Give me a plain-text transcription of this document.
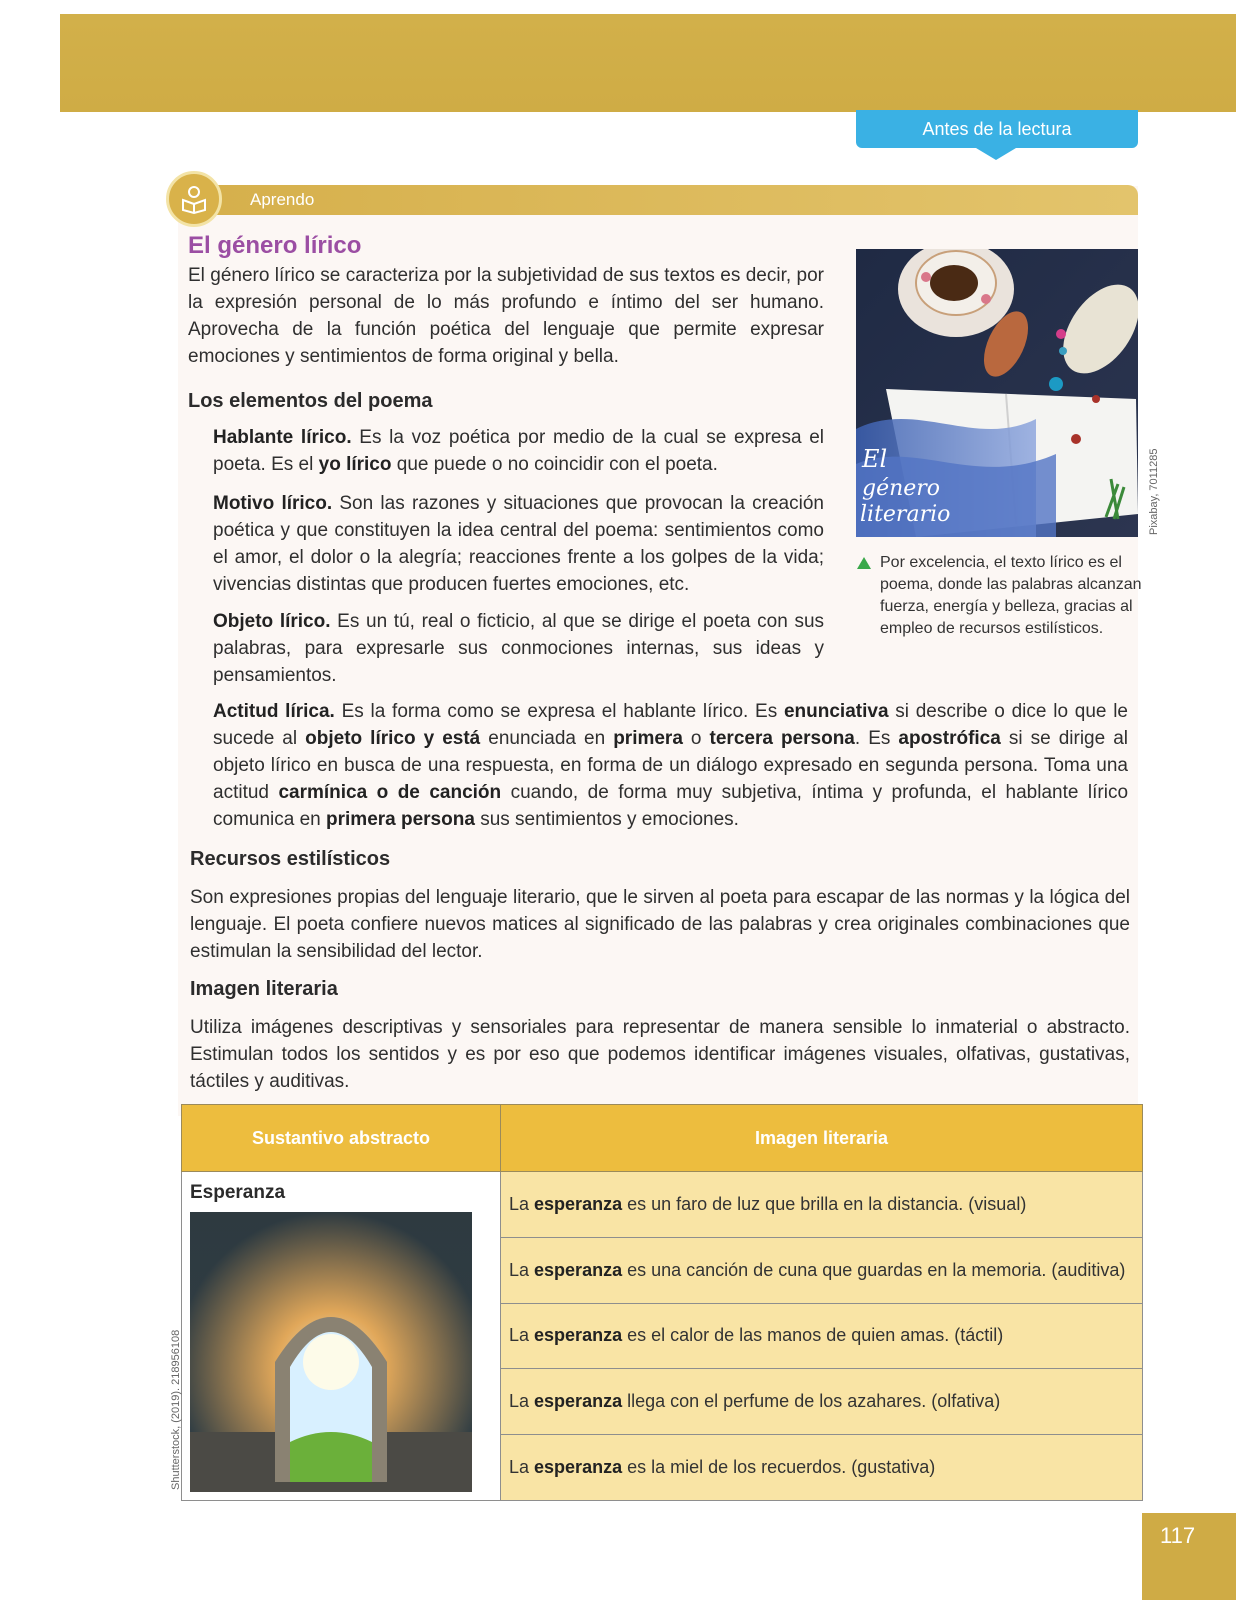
Antes de la lectura
Aprendo
El género lírico
El género lírico se caracteriza por la subjetividad de sus textos es decir, por la expresión personal de lo más profundo e íntimo del ser humano. Aprovecha de la función poética del lenguaje que permite expresar emociones y sentimientos de forma original y bella.
Los elementos del poema
Hablante lírico. Es la voz poética por medio de la cual se expresa el poeta. Es el yo lírico que puede o no coincidir con el poeta.
Motivo lírico. Son las razones y situaciones que provocan la creación poética y que constituyen la idea central del poema: sentimientos como el amor, el dolor o la alegría; reacciones frente a los golpes de la vida; vivencias distintas que producen fuertes emociones, etc.
Objeto lírico. Es un tú, real o ficticio, al que se dirige el poeta con sus palabras, para expresarle sus conmociones internas, sus ideas y pensamientos.
Actitud lírica. Es la forma como se expresa el hablante lírico. Es enunciativa si describe o dice lo que le sucede al objeto lírico y está enunciada en primera o tercera persona. Es apostrófica si se dirige al objeto lírico en busca de una respuesta, en forma de un diálogo expresado en segunda persona. Toma una actitud carmínica o de canción cuando, de forma muy subjetiva, íntima y profunda, el hablante lírico comunica en primera persona sus sentimientos y emociones.
El
género
literario	Pixabay, 7011285
Por excelencia, el texto lírico es el poema, donde las palabras alcanzan fuerza, energía y belleza, gracias al empleo de recursos estilísticos.
Recursos estilísticos
Son expresiones propias del lenguaje literario, que le sirven al poeta para escapar de las normas y la lógica del lenguaje. El poeta confiere nuevos matices al significado de las palabras y crea originales combinaciones que estimulan la sensibilidad del lector.
Imagen literaria
Utiliza imágenes descriptivas y sensoriales para representar de manera sensible lo inmaterial o abstracto. Estimulan todos los sentidos y es por eso que podemos identificar imágenes visuales, olfativas, gustativas, táctiles y auditivas.
Sustantivo abstracto	Imagen literaria

Esperanza	La esperanza es un faro de luz que brilla en la distancia. (visual)
	La esperanza es una canción de cuna que guardas en la memoria. (auditiva)
	La esperanza es el calor de las manos de quien amas. (táctil)
	La esperanza llega con el perfume de los azahares. (olfativa)
	La esperanza es la miel de los recuerdos. (gustativa)
Shutterstock, (2019). 218956108
117
